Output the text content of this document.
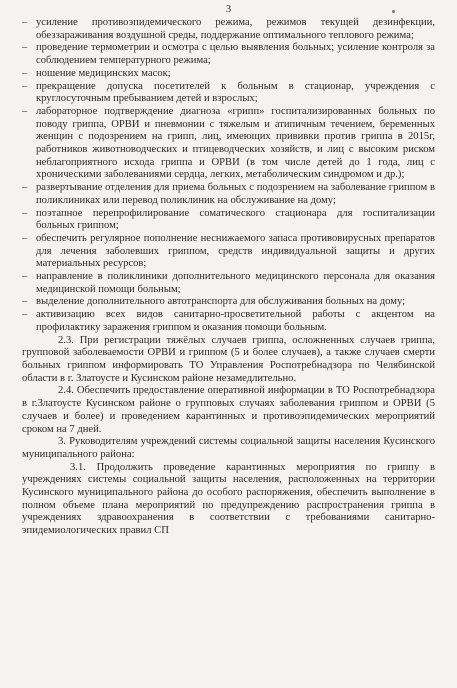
3
– усиление противоэпидемического режима, режимов текущей дезинфекции, обеззараживания воздушной среды, поддержание оптимального теплового режима;
– проведение термометрии и осмотра с целью выявления больных; усиление контроля за соблюдением температурного режима;
– ношение медицинских масок;
– прекращение допуска посетителей к больным в стационар, учреждения с круглосуточным пребыванием детей и взрослых;
– лабораторное подтверждение диагноза «грипп» госпитализированных больных по поводу гриппа, ОРВИ и пневмонии с тяжелым и атипичным течением, беременных женщин с подозрением на грипп, лиц, имеющих прививки против гриппа в 2015г, работников животноводческих и птицеводческих хозяйств, и лиц с высоким риском неблагоприятного исхода гриппа и ОРВИ (в том числе детей до 1 года, лиц с хроническими заболеваниями сердца, легких, метаболическим синдромом и др.);
– развертывание отделения для приема больных с подозрением на заболевание гриппом в поликлиниках или перевод поликлиник на обслуживание на дому;
– поэтапное перепрофилирование соматического стационара для госпитализации больных гриппом;
– обеспечить регулярное пополнение неснижаемого запаса противовирусных препаратов для лечения заболевших гриппом, средств индивидуальной защиты и других материальных ресурсов;
– направление в поликлиники дополнительного медицинского персонала для оказания медицинской помощи больным;
– выделение дополнительного автотранспорта для обслуживания больных на дому;
– активизацию всех видов санитарно-просветительной работы с акцентом на профилактику заражения гриппом и оказания помощи больным.

2.3. При регистрации тяжёлых случаев гриппа, осложненных случаев гриппа, групповой заболеваемости ОРВИ и гриппом (5 и более случаев), а также случаев смерти больных гриппом информировать ТО Управления Роспотребнадзора по Челябинской области в г. Златоусте и Кусинском районе незамедлительно.

2.4. Обеспечить предоставление оперативной информации в ТО Роспотребнадзора в г.Златоусте Кусинском районе о групповых случаях заболевания гриппом и ОРВИ (5 случаев и более) и проведением карантинных и противоэпидемических мероприятий сроком на 7 дней.

3. Руководителям учреждений системы социальной защиты населения Кусинского муниципального района:

3.1. Продолжить проведение карантинных мероприятия по гриппу в учреждениях системы социальной защиты населения, расположенных на территории Кусинского муниципального района до особого распоряжения, обеспечить выполнение в полном объеме плана мероприятий по предупреждению распространения гриппа в учреждениях здравоохранения в соответствии с требованиями санитарно-эпидемиологических правил СП
